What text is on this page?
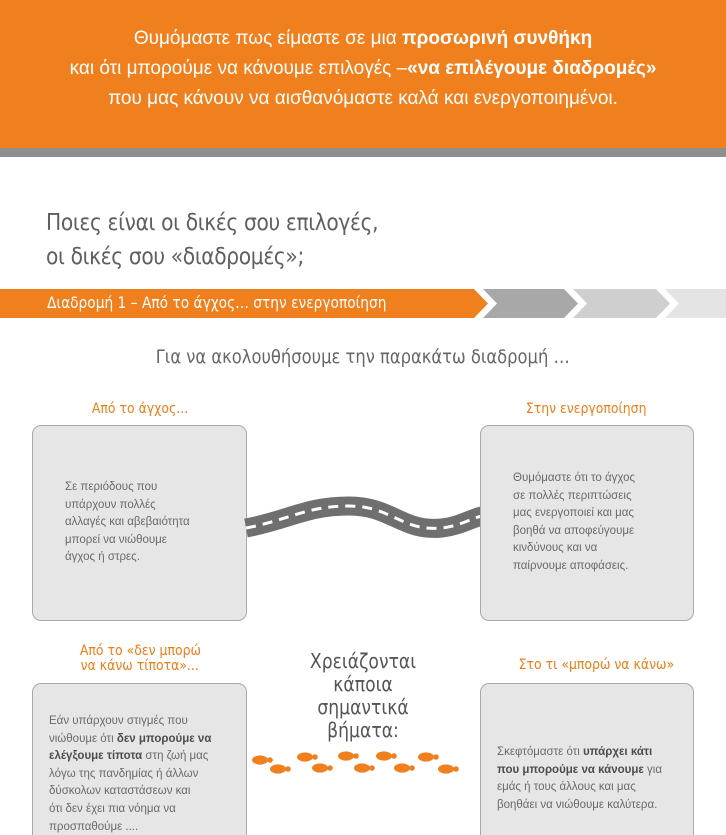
Θυμόμαστε πως είμαστε σε μια προσωρινή συνθήκη
και ότι μπορούμε να κάνουμε επιλογές –«να επιλέγουμε διαδρομές»
που μας κάνουν να αισθανόμαστε καλά και ενεργοποιημένοι.
Ποιες είναι οι δικές σου επιλογές,
οι δικές σου «διαδρομές»;
Διαδρομή 1 – Από το άγχος… στην ενεργοποίηση
Για να ακολουθήσουμε την παρακάτω διαδρομή …
Από το άγχος...	Στην ενεργοποίηση
Σε περιόδους που
υπάρχουν πολλές
αλλαγές και αβεβαιότητα
μπορεί να νιώθουμε
άγχος ή στρες.
Θυμόμαστε ότι το άγχος
σε πολλές περιπτώσεις
μας ενεργοποιεί και μας
βοηθά να αποφεύγουμε
κινδύνους και να
παίρνουμε αποφάσεις.
Από το «δεν μπορώ
να κάνω τίποτα»...	Στο τι «μπορώ να κάνω»
Χρειάζονται κάποια
σημαντικά βήματα:
Εάν υπάρχουν στιγμές που
νιώθουμε ότι δεν μπορούμε να
ελέγξουμε τίποτα στη ζωή μας
λόγω της πανδημίας ή άλλων
δύσκολων καταστάσεων και
ότι δεν έχει πια νόημα να
προσπαθούμε ....
Σκεφτόμαστε ότι υπάρχει κάτι
που μπορούμε να κάνουμε για
εμάς ή τους άλλους και μας
βοηθάει να νιώθουμε καλύτερα.
